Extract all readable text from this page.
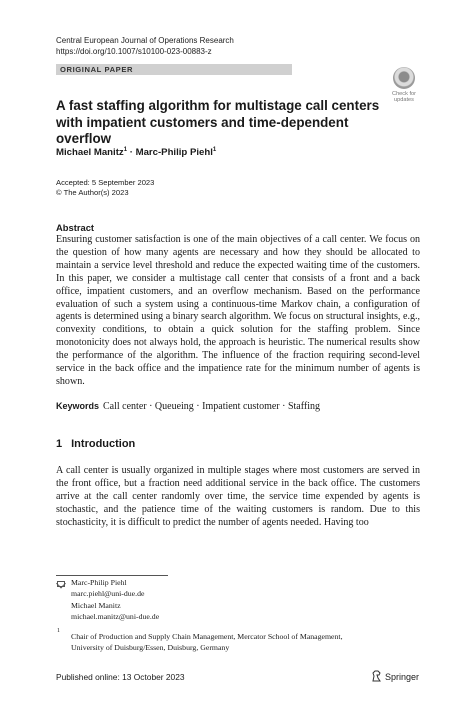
Central European Journal of Operations Research
https://doi.org/10.1007/s10100-023-00883-z
ORIGINAL PAPER
Check for
updates
A fast staffing algorithm for multistage call centers
with impatient customers and time-dependent overflow
Michael Manitz$^1$ · Marc-Philip Piehl$^1$
Accepted: 5 September 2023
© The Author(s) 2023
Abstract
Ensuring customer satisfaction is one of the main objectives of a call center. We focus on the question of how many agents are necessary and how they should be allocated to maintain a service level threshold and reduce the expected waiting time of the customers. In this paper, we consider a multistage call center that consists of a front and a back office, impatient customers, and an overflow mechanism. Based on the performance evaluation of such a system using a continuous-time Markov chain, a configuration of agents is determined using a binary search algorithm. We focus on structural insights, e.g., convexity conditions, to obtain a quick solution for the staffing problem. Since monotonicity does not always hold, the approach is heuristic. The numerical results show the performance of the algorithm. The influence of the fraction requiring second-level service in the back office and the impatience rate for the minimum number of agents is shown.
Keywords Call center · Queueing · Impatient customer · Staffing
1 Introduction
A call center is usually organized in multiple stages where most customers are served in the front office, but a fraction need additional service in the back office. The customers arrive at the call center randomly over time, the service time expended by agents is stochastic, and the patience time of the waiting customers is random. Due to this stochasticity, it is difficult to predict the number of agents needed. Having too
Marc-Philip Piehl
marc.piehl@uni-due.de
Michael Manitz
michael.manitz@uni-due.de
1
Chair of Production and Supply Chain Management, Mercator School of Management,
University of Duisburg/Essen, Duisburg, Germany
Published online: 13 October 2023	Springer
